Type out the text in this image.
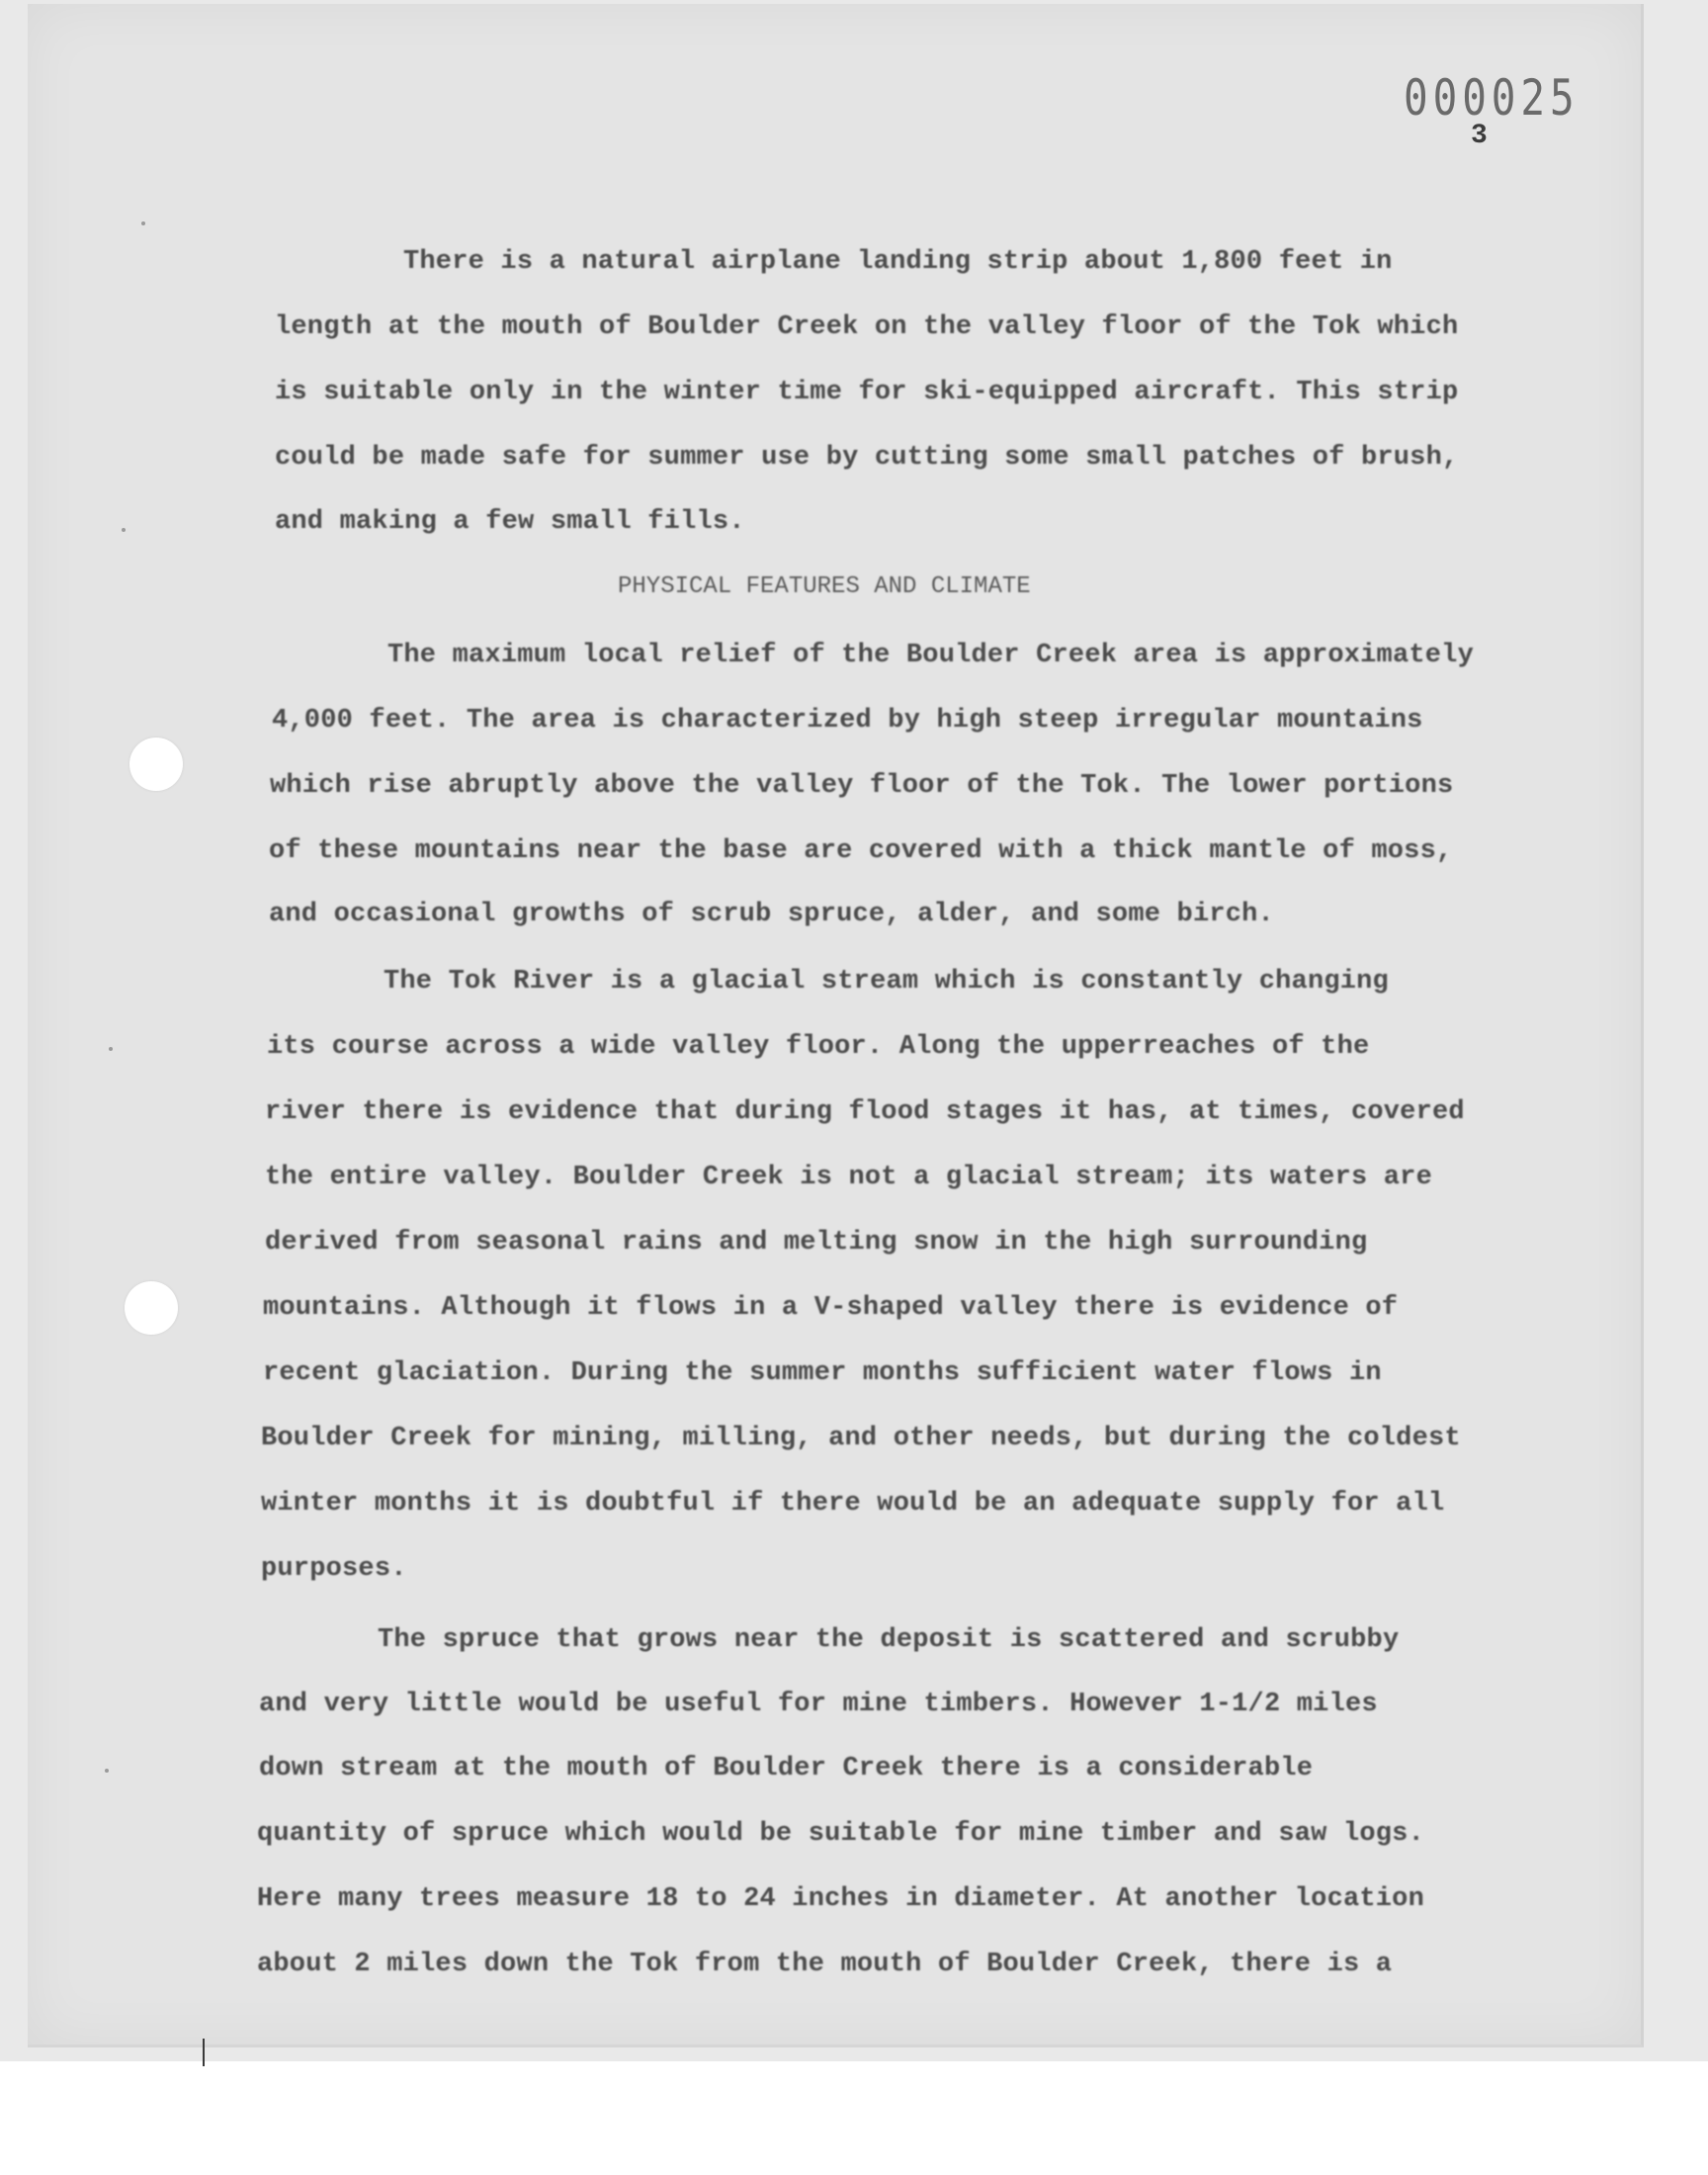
000025
3
There is a natural airplane landing strip about 1,800 feet in
length at the mouth of Boulder Creek on the valley floor of the Tok which
is suitable only in the winter time for ski-equipped aircraft. This strip
could be made safe for summer use by cutting some small patches of brush,
and making a few small fills.
PHYSICAL FEATURES AND CLIMATE
The maximum local relief of the Boulder Creek area is approximately
4,000 feet. The area is characterized by high steep irregular mountains
which rise abruptly above the valley floor of the Tok. The lower portions
of these mountains near the base are covered with a thick mantle of moss,
and occasional growths of scrub spruce, alder, and some birch.
The Tok River is a glacial stream which is constantly changing
its course across a wide valley floor. Along the upperreaches of the
river there is evidence that during flood stages it has, at times, covered
the entire valley. Boulder Creek is not a glacial stream; its waters are
derived from seasonal rains and melting snow in the high surrounding
mountains. Although it flows in a V-shaped valley there is evidence of
recent glaciation. During the summer months sufficient water flows in
Boulder Creek for mining, milling, and other needs, but during the coldest
winter months it is doubtful if there would be an adequate supply for all
purposes.
The spruce that grows near the deposit is scattered and scrubby
and very little would be useful for mine timbers. However 1-1/2 miles
down stream at the mouth of Boulder Creek there is a considerable
quantity of spruce which would be suitable for mine timber and saw logs.
Here many trees measure 18 to 24 inches in diameter. At another location
about 2 miles down the Tok from the mouth of Boulder Creek, there is a
